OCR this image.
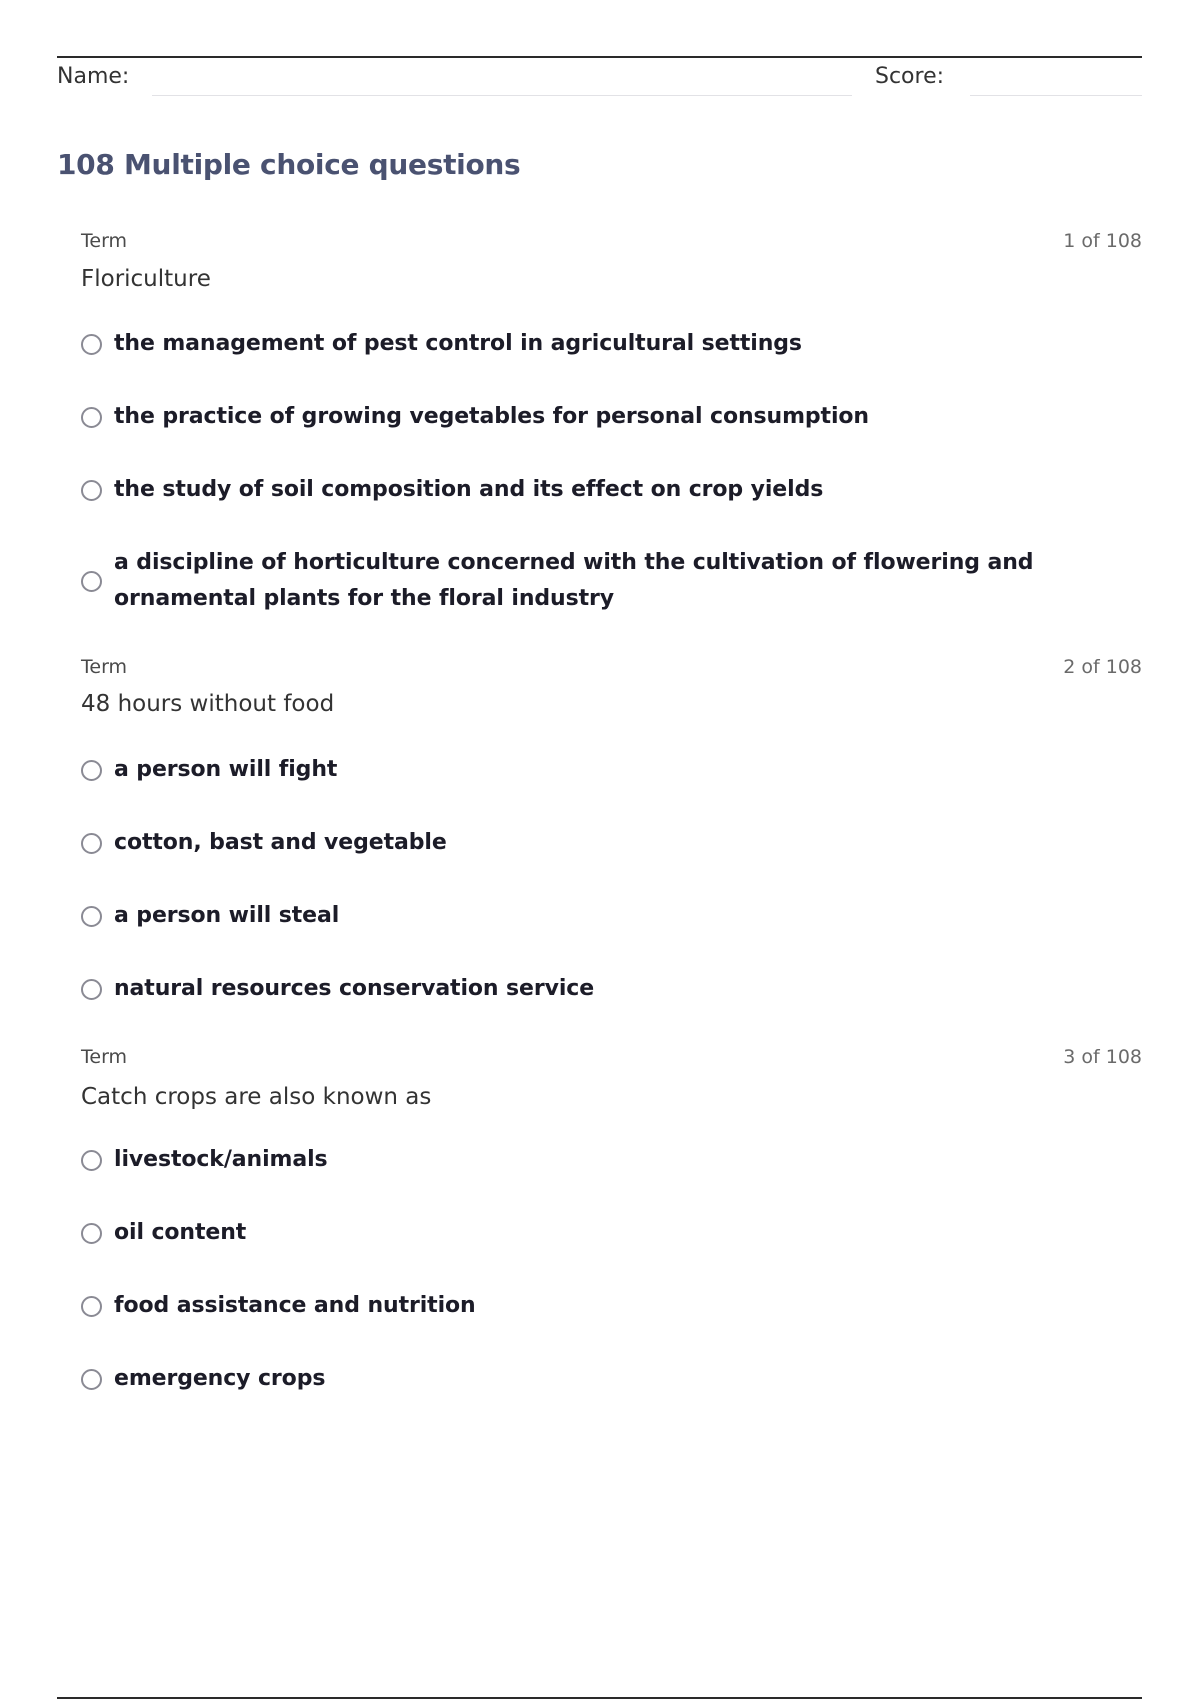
Name:	Score:
108 Multiple choice questions
Term	1 of 108
Floriculture
the management of pest control in agricultural settings
the practice of growing vegetables for personal consumption
the study of soil composition and its effect on crop yields
a discipline of horticulture concerned with the cultivation of flowering and ornamental plants for the floral industry
Term	2 of 108
48 hours without food
a person will fight
cotton, bast and vegetable
a person will steal
natural resources conservation service
Term	3 of 108
Catch crops are also known as
livestock/animals
oil content
food assistance and nutrition
emergency crops
